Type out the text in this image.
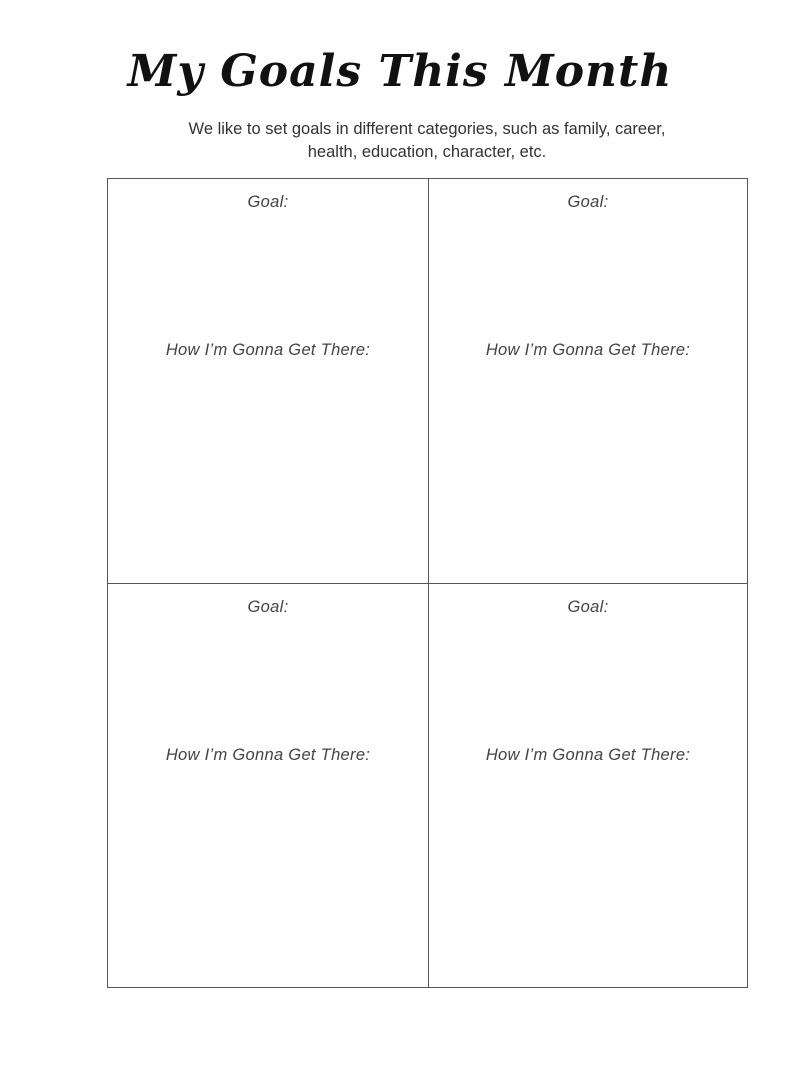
My Goals This Month
We like to set goals in different categories, such as family, career,
health, education, character, etc.
Goal:
How I’m Gonna Get There:
Goal:
How I’m Gonna Get There:
Goal:
How I’m Gonna Get There:
Goal:
How I’m Gonna Get There:
